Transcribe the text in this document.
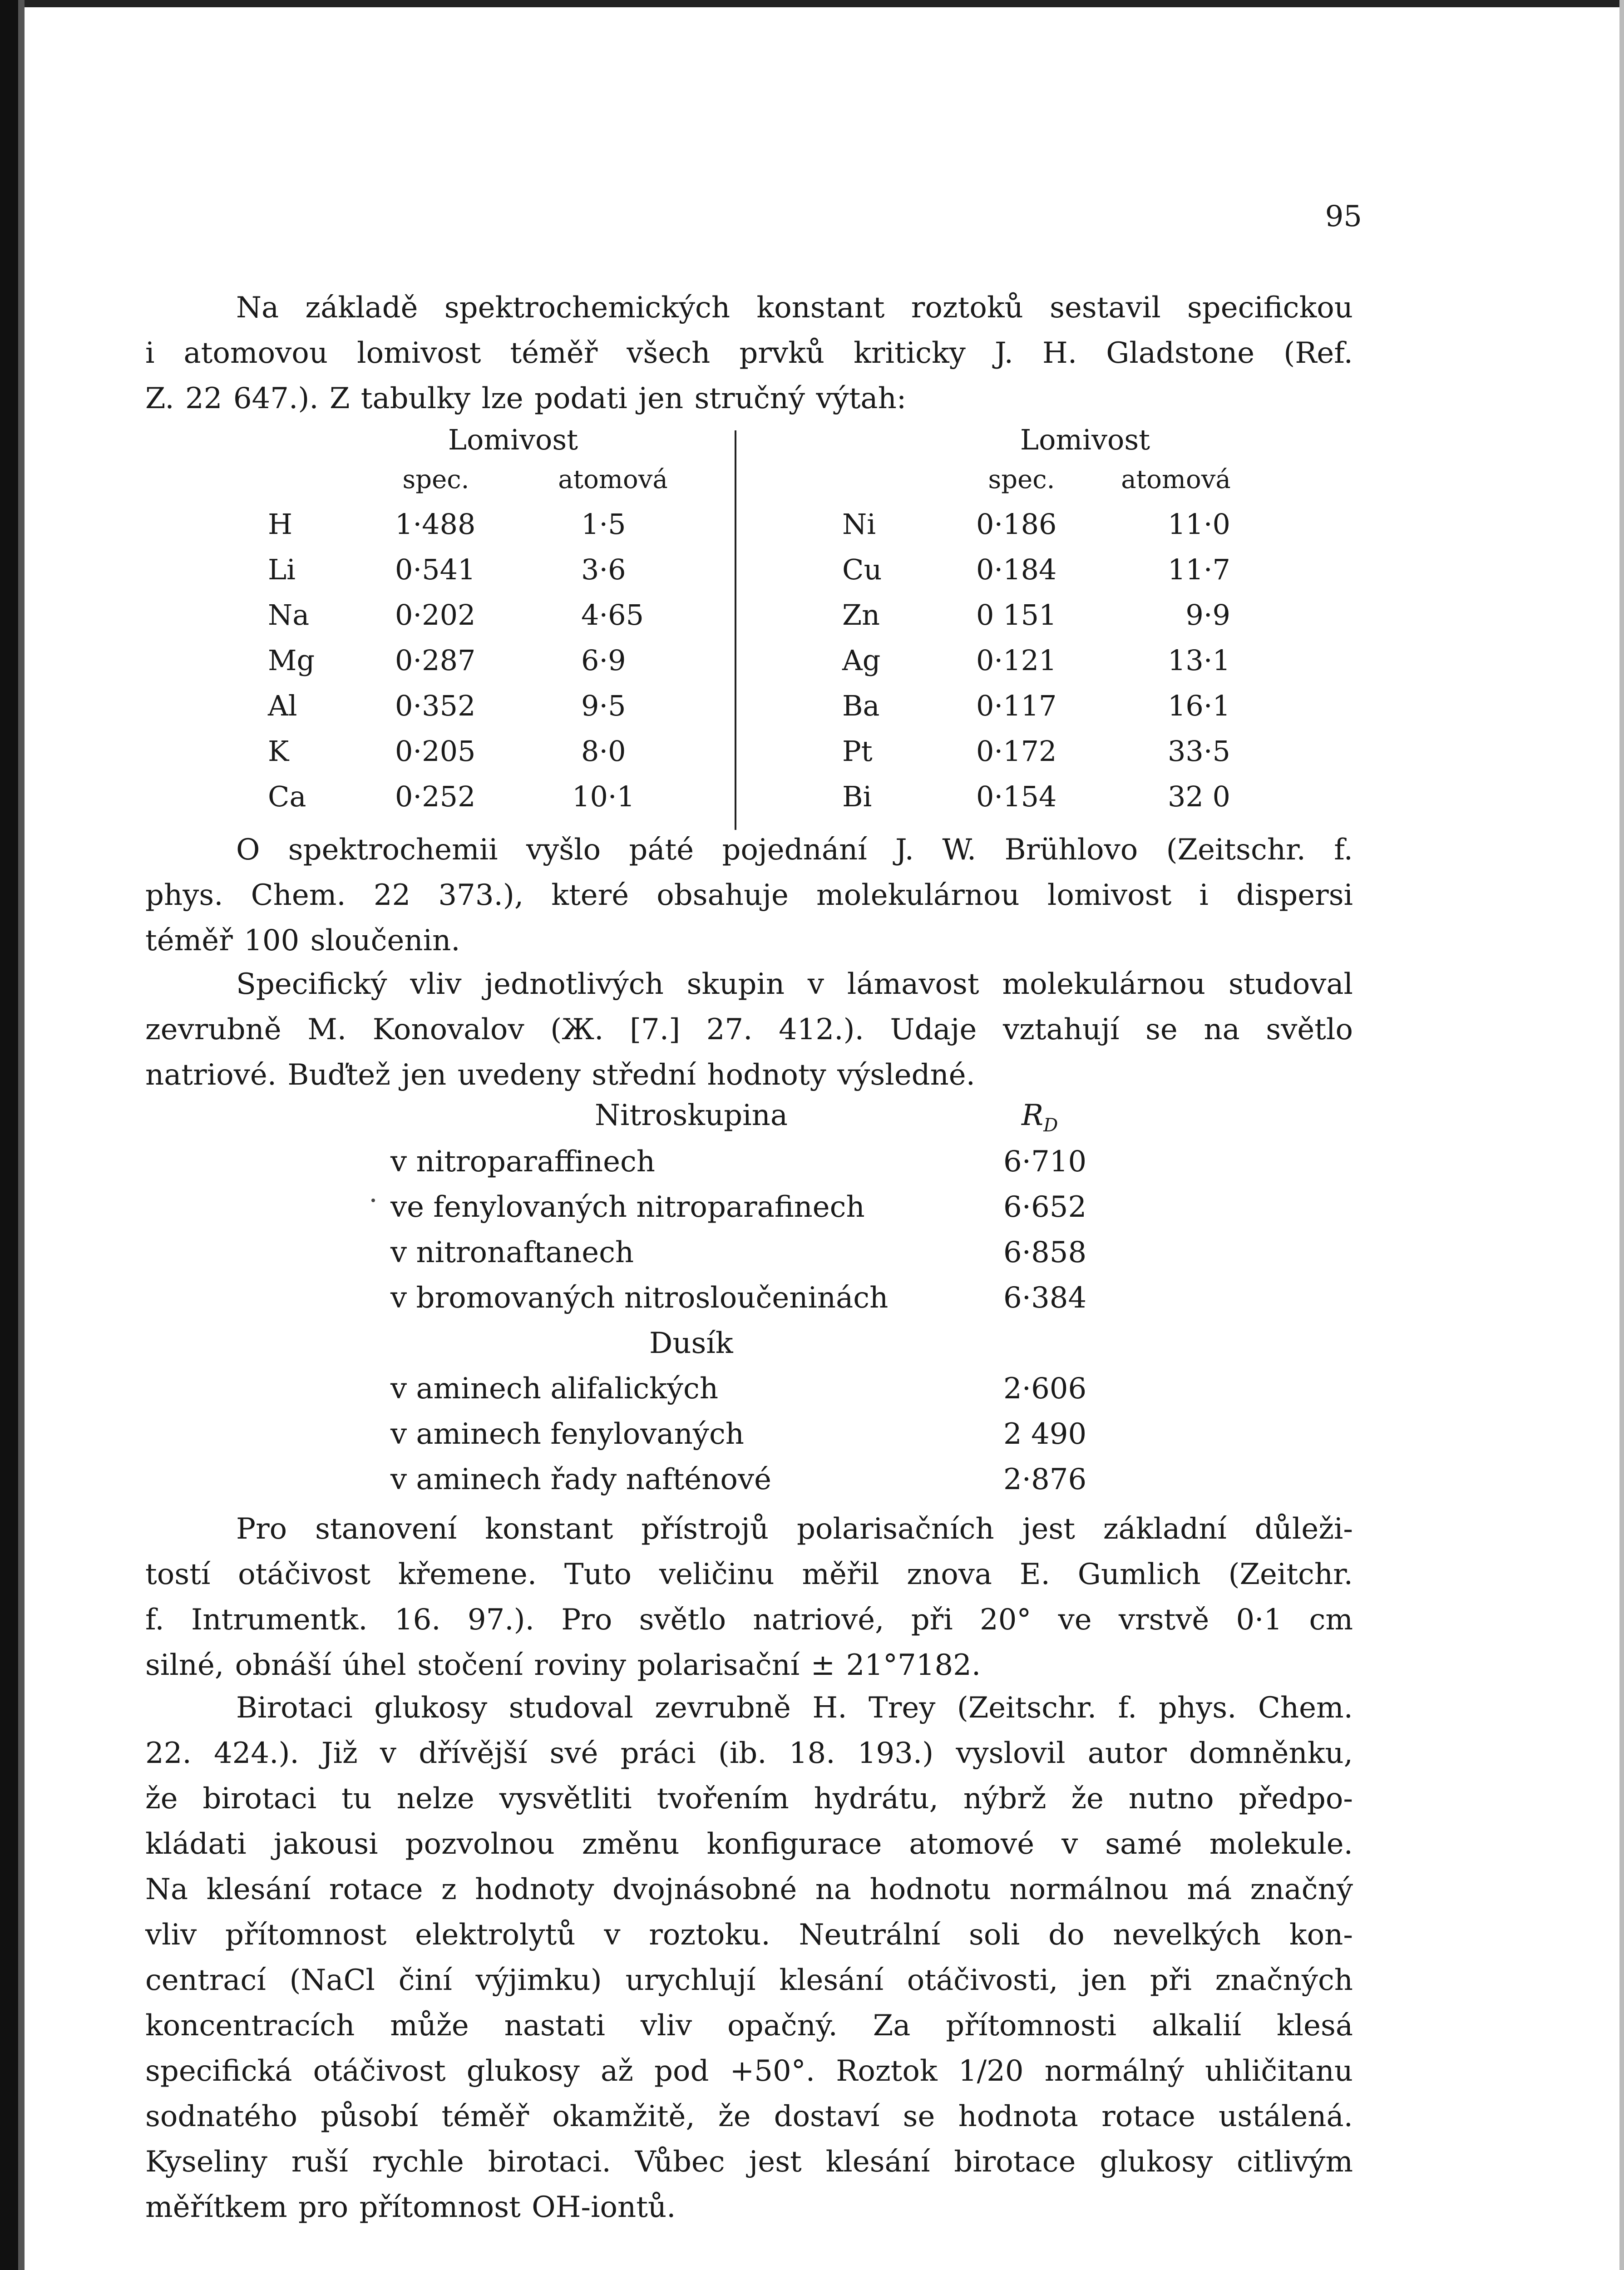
95
Na základě spektrochemických konstant roztoků sestavil specifickou
i atomovou lomivost téměř všech prvků kriticky J. H. Gladstone (Ref.
Z. 22 647.). Z tabulky lze podati jen stručný výtah:
Lomivost	Lomivost
spec.	atomová	spec.	atomová
H	1·488	1·5
Li	0·541	3·6
Na	0·202	4·65
Mg	0·287	6·9
Al	0·352	9·5
K	0·205	8·0
Ca	0·252	10·1
Ni	0·186	11·0
Cu	0·184	11·7
Zn	0 151	9·9
Ag	0·121	13·1
Ba	0·117	16·1
Pt	0·172	33·5
Bi	0·154	32 0
O spektrochemii vyšlo páté pojednání J. W. Brühlovo (Zeitschr. f.
phys. Chem. 22 373.), které obsahuje molekulárnou lomivost i dispersi
téměř 100 sloučenin.
Specifický vliv jednotlivých skupin v lámavost molekulárnou studoval
zevrubně M. Konovalov (Ж. [7.] 27. 412.). Udaje vztahují se na světlo
natriové. Buďtež jen uvedeny střední hodnoty výsledné.
Nitroskupina	$R_D$
v nitroparaffinech	6·710
ve fenylovaných nitroparafinech	6·652
v nitronaftanech	6·858
v bromovaných nitrosloučeninách	6·384
Dusík
v aminech alifalických	2·606
v aminech fenylovaných	2 490
v aminech řady nafténové	2·876
Pro stanovení konstant přístrojů polarisačních jest základní důleži-
tostí otáčivost křemene. Tuto veličinu měřil znova E. Gumlich (Zeitchr.
f. Intrumentk. 16. 97.). Pro světlo natriové, při 20° ve vrstvě 0·1 cm
silné, obnáší úhel stočení roviny polarisační ± 21°7182.
Birotaci glukosy studoval zevrubně H. Trey (Zeitschr. f. phys. Chem.
22. 424.). Již v dřívější své práci (ib. 18. 193.) vyslovil autor domněnku,
že birotaci tu nelze vysvětliti tvořením hydrátu, nýbrž že nutno předpo-
kládati jakousi pozvolnou změnu konfigurace atomové v samé molekule.
Na klesání rotace z hodnoty dvojnásobné na hodnotu normálnou má značný
vliv přítomnost elektrolytů v roztoku. Neutrální soli do nevelkých kon-
centrací (NaCl činí výjimku) urychlují klesání otáčivosti, jen při značných
koncentracích může nastati vliv opačný. Za přítomnosti alkalií klesá
specifická otáčivost glukosy až pod +50°. Roztok 1/20 normálný uhličitanu
sodnatého působí téměř okamžitě, že dostaví se hodnota rotace ustálená.
Kyseliny ruší rychle birotaci. Vůbec jest klesání birotace glukosy citlivým
měřítkem pro přítomnost OH-iontů.
